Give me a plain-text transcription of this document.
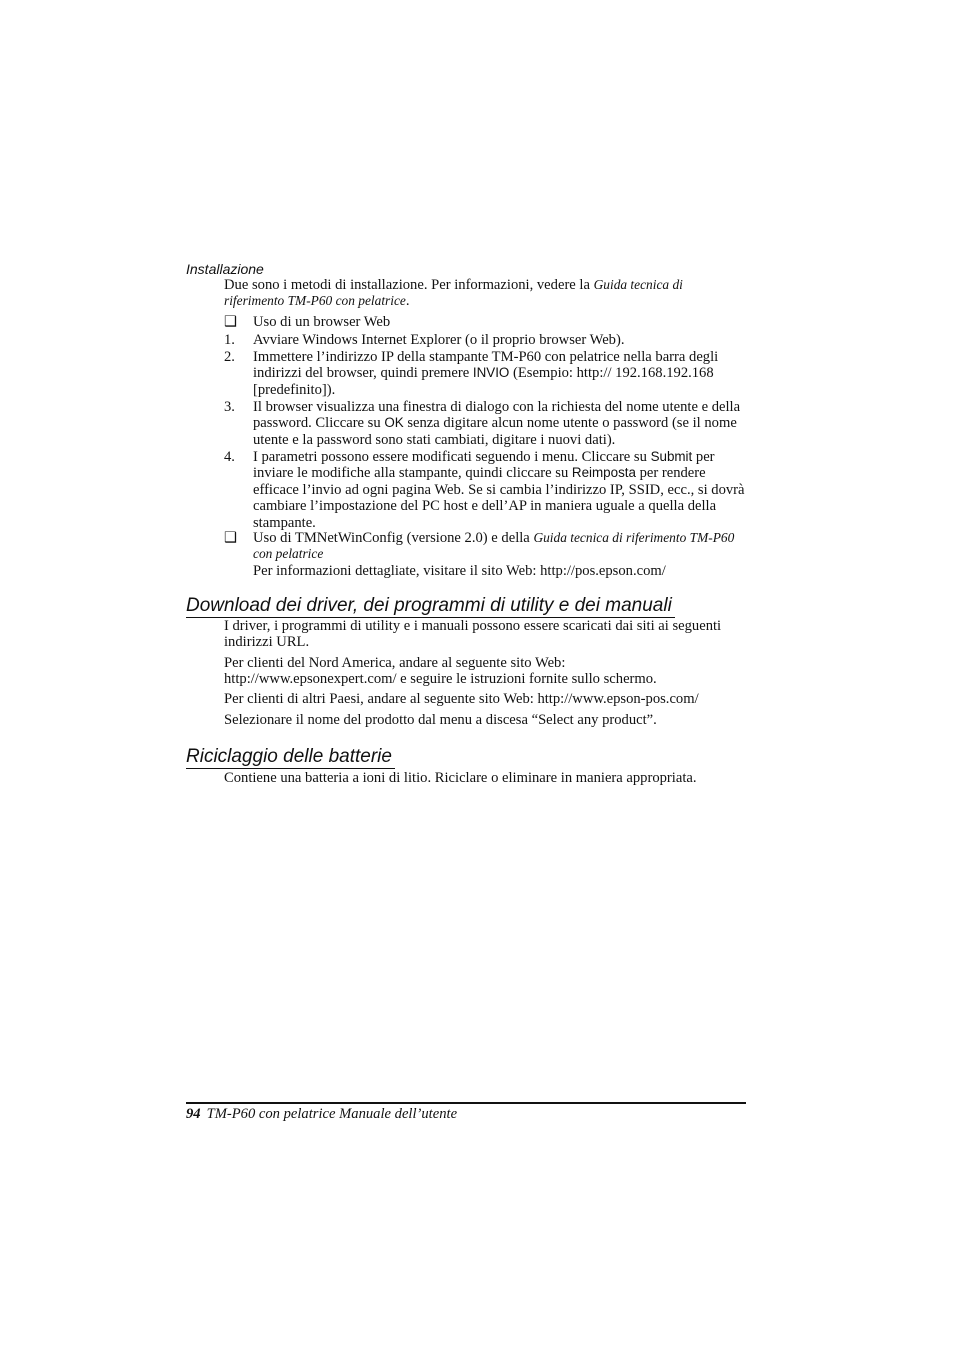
Installazione
Due sono i metodi di installazione. Per informazioni, vedere la Guida tecnica di
riferimento TM-P60 con pelatrice.
❑	Uso di un browser Web
1.	Avviare Windows Internet Explorer (o il proprio browser Web).
2.	Immettere l’indirizzo IP della stampante TM-P60 con pelatrice nella barra degli indirizzi del browser, quindi premere INVIO (Esempio: http:// 192.168.192.168 [predefinito]).
3.	Il browser visualizza una finestra di dialogo con la richiesta del nome utente e della password. Cliccare su OK senza digitare alcun nome utente o password (se il nome utente e la password sono stati cambiati, digitare i nuovi dati).
4.	I parametri possono essere modificati seguendo i menu. Cliccare su Submit per inviare le modifiche alla stampante, quindi cliccare su Reimposta per rendere efficace l’invio ad ogni pagina Web. Se si cambia l’indirizzo IP, SSID, ecc., si dovrà cambiare l’impostazione del PC host e dell’AP in maniera uguale a quella della stampante.
❑	Uso di TMNetWinConfig (versione 2.0) e della Guida tecnica di riferimento TM-P60 con pelatrice
Per informazioni dettagliate, visitare il sito Web: http://pos.epson.com/
Download dei driver, dei programmi di utility e dei manuali
I driver, i programmi di utility e i manuali possono essere scaricati dai siti ai seguenti indirizzi URL.
Per clienti del Nord America, andare al seguente sito Web:
http://www.epsonexpert.com/ e seguire le istruzioni fornite sullo schermo.
Per clienti di altri Paesi, andare al seguente sito Web: http://www.epson-pos.com/
Selezionare il nome del prodotto dal menu a discesa “Select any product”.
Riciclaggio delle batterie
Contiene una batteria a ioni di litio. Riciclare o eliminare in maniera appropriata.
94 TM-P60 con pelatrice Manuale dell’utente
